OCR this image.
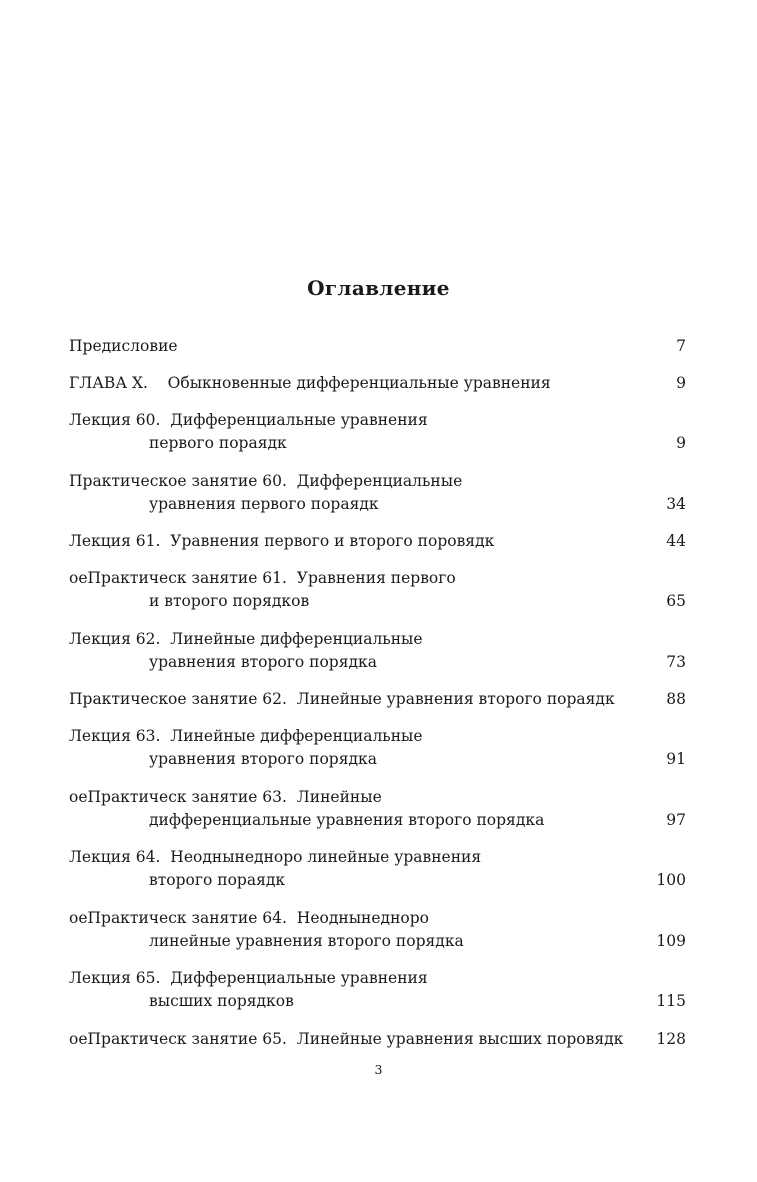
Оглавление
Предисловие	7
ГЛАВА X.    Обыкновенные дифференциальные уравнения	9
Лекция 60.  Дифференциальные уравнения
первого пораядк	9
Практическое занятие 60.  Дифференциальные
уравнения первого пораядк	34
Лекция 61.  Уравнения первого и второго поровядк	44
оеПрактическ занятие 61.  Уравнения первого
и второго порядков	65
Лекция 62.  Линейные дифференциальные
уравнения второго порядка	73
Практическое занятие 62.  Линейные уравнения второго пораядк	88
Лекция 63.  Линейные дифференциальные
уравнения второго порядка	91
оеПрактическ занятие 63.  Линейные
дифференциальные уравнения второго порядка	97
Лекция 64.  Неоднынедноро линейные уравнения
второго пораядк	100
оеПрактическ занятие 64.  Неоднынедноро
линейные уравнения второго порядка	109
Лекция 65.  Дифференциальные уравнения
высших порядков	115
оеПрактическ занятие 65.  Линейные уравнения высших поровядк 128
3
